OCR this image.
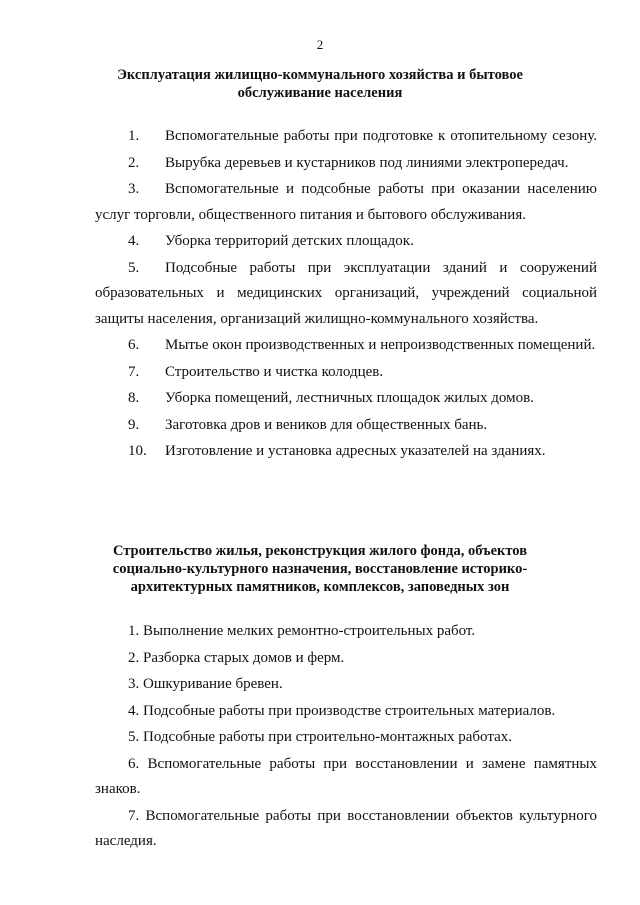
2
Эксплуатация жилищно-коммунального хозяйства и бытовое
обслуживание населения
1. Вспомогательные работы при подготовке к отопительному сезону.
2. Вырубка деревьев и кустарников под линиями электропередач.
3. Вспомогательные и подсобные работы при оказании населению услуг торговли, общественного питания и бытового обслуживания.
4. Уборка территорий детских площадок.
5. Подсобные работы при эксплуатации зданий и сооружений образовательных и медицинских организаций, учреждений социальной защиты населения, организаций жилищно-коммунального хозяйства.
6. Мытье окон производственных и непроизводственных помещений.
7. Строительство и чистка колодцев.
8. Уборка помещений, лестничных площадок жилых домов.
9. Заготовка дров и веников для общественных бань.
10. Изготовление и установка адресных указателей на зданиях.
Строительство жилья, реконструкция жилого фонда, объектов
социально-культурного назначения, восстановление историко-
архитектурных памятников, комплексов, заповедных зон
1. Выполнение мелких ремонтно-строительных работ.
2. Разборка старых домов и ферм.
3. Ошкуривание бревен.
4. Подсобные работы при производстве строительных материалов.
5. Подсобные работы при строительно-монтажных работах.
6. Вспомогательные работы при восстановлении и замене памятных знаков.
7. Вспомогательные работы при восстановлении объектов культурного наследия.
